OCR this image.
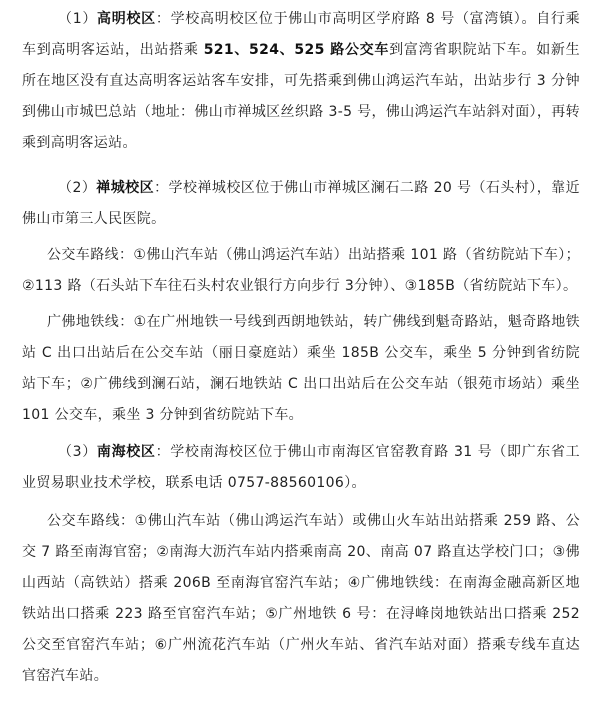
（1）高明校区：学校高明校区位于佛山市高明区学府路 8 号（富湾镇）。自行乘车到高明客运站，出站搭乘 521、524、525 路公交车到富湾省职院站下车。如新生所在地区没有直达高明客运站客车安排，可先搭乘到佛山鸿运汽车站，出站步行 3 分钟到佛山市城巴总站（地址：佛山市禅城区丝织路 3-5 号，佛山鸿运汽车站斜对面），再转乘到高明客运站。

（2）禅城校区：学校禅城校区位于佛山市禅城区澜石二路 20 号（石头村），靠近佛山市第三人民医院。

公交车路线：①佛山汽车站（佛山鸿运汽车站）出站搭乘 101 路（省纺院站下车）；②113 路（石头站下车往石头村农业银行方向步行 3分钟）、③185B（省纺院站下车）。

广佛地铁线：①在广州地铁一号线到西朗地铁站，转广佛线到魁奇路站，魁奇路地铁站 C 出口出站后在公交车站（丽日豪庭站）乘坐 185B 公交车，乘坐 5 分钟到省纺院站下车；②广佛线到澜石站，澜石地铁站 C 出口出站后在公交车站（银苑市场站）乘坐 101 公交车，乘坐 3 分钟到省纺院站下车。

（3）南海校区：学校南海校区位于佛山市南海区官窑教育路 31 号（即广东省工业贸易职业技术学校，联系电话 0757-88560106）。

公交车路线：①佛山汽车站（佛山鸿运汽车站）或佛山火车站出站搭乘 259 路、公交 7 路至南海官窑；②南海大沥汽车站内搭乘南高 20、南高 07 路直达学校门口；③佛山西站（高铁站）搭乘 206B 至南海官窑汽车站；④广佛地铁线：在南海金融高新区地铁站出口搭乘 223 路至官窑汽车站；⑤广州地铁 6 号：在浔峰岗地铁站出口搭乘 252 公交至官窑汽车站；⑥广州流花汽车站（广州火车站、省汽车站对面）搭乘专线车直达官窑汽车站。
